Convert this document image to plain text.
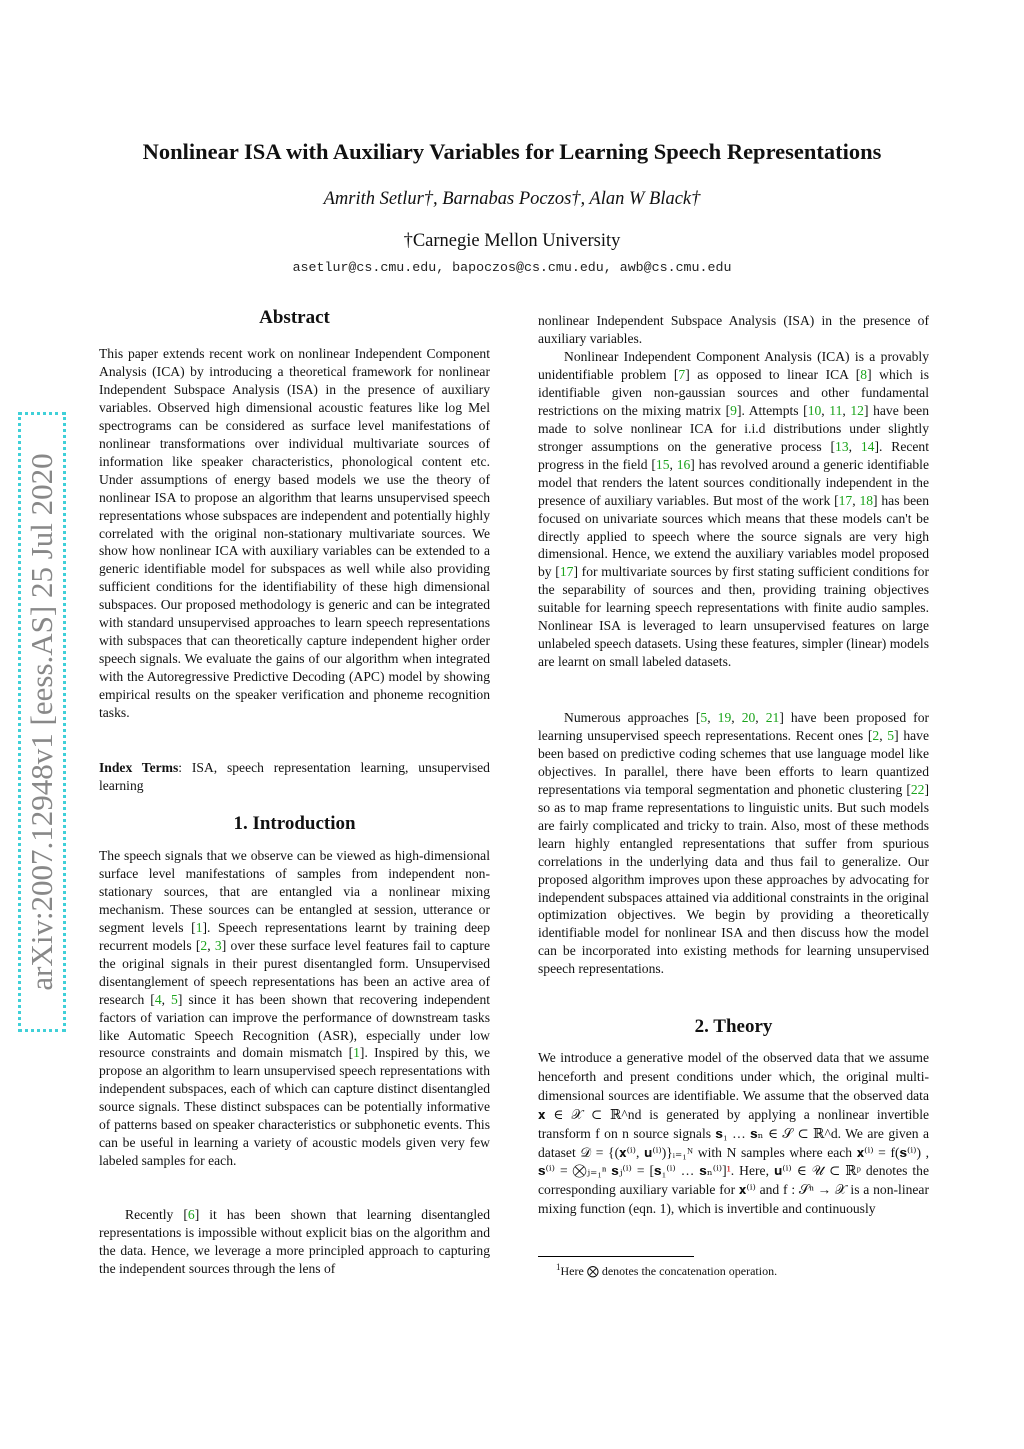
arXiv:2007.12948v1 [eess.AS] 25 Jul 2020
Nonlinear ISA with Auxiliary Variables for Learning Speech Representations
Amrith Setlur†, Barnabas Poczos†, Alan W Black†
†Carnegie Mellon University
asetlur@cs.cmu.edu, bapoczos@cs.cmu.edu, awb@cs.cmu.edu
Abstract
This paper extends recent work on nonlinear Independent Component Analysis (ICA) by introducing a theoretical framework for nonlinear Independent Subspace Analysis (ISA) in the presence of auxiliary variables. Observed high dimensional acoustic features like log Mel spectrograms can be considered as surface level manifestations of nonlinear transformations over individual multivariate sources of information like speaker characteristics, phonological content etc. Under assumptions of energy based models we use the theory of nonlinear ISA to propose an algorithm that learns unsupervised speech representations whose subspaces are independent and potentially highly correlated with the original non-stationary multivariate sources. We show how nonlinear ICA with auxiliary variables can be extended to a generic identifiable model for subspaces as well while also providing sufficient conditions for the identifiability of these high dimensional subspaces. Our proposed methodology is generic and can be integrated with standard unsupervised approaches to learn speech representations with subspaces that can theoretically capture independent higher order speech signals. We evaluate the gains of our algorithm when integrated with the Autoregressive Predictive Decoding (APC) model by showing empirical results on the speaker verification and phoneme recognition tasks.
Index Terms: ISA, speech representation learning, unsupervised learning
1. Introduction
The speech signals that we observe can be viewed as high-dimensional surface level manifestations of samples from independent non-stationary sources, that are entangled via a nonlinear mixing mechanism. These sources can be entangled at session, utterance or segment levels [1]. Speech representations learnt by training deep recurrent models [2, 3] over these surface level features fail to capture the original signals in their purest disentangled form. Unsupervised disentanglement of speech representations has been an active area of research [4, 5] since it has been shown that recovering independent factors of variation can improve the performance of downstream tasks like Automatic Speech Recognition (ASR), especially under low resource constraints and domain mismatch [1]. Inspired by this, we propose an algorithm to learn unsupervised speech representations with independent subspaces, each of which can capture distinct disentangled source signals. These distinct subspaces can be potentially informative of patterns based on speaker characteristics or subphonetic events. This can be useful in learning a variety of acoustic models given very few labeled samples for each.
Recently [6] it has been shown that learning disentangled representations is impossible without explicit bias on the algorithm and the data. Hence, we leverage a more principled approach to capturing the independent sources through the lens of
nonlinear Independent Subspace Analysis (ISA) in the presence of auxiliary variables.
Nonlinear Independent Component Analysis (ICA) is a provably unidentifiable problem [7] as opposed to linear ICA [8] which is identifiable given non-gaussian sources and other fundamental restrictions on the mixing matrix [9]. Attempts [10, 11, 12] have been made to solve nonlinear ICA for i.i.d distributions under slightly stronger assumptions on the generative process [13, 14]. Recent progress in the field [15, 16] has revolved around a generic identifiable model that renders the latent sources conditionally independent in the presence of auxiliary variables. But most of the work [17, 18] has been focused on univariate sources which means that these models can't be directly applied to speech where the source signals are very high dimensional. Hence, we extend the auxiliary variables model proposed by [17] for multivariate sources by first stating sufficient conditions for the separability of sources and then, providing training objectives suitable for learning speech representations with finite audio samples. Nonlinear ISA is leveraged to learn unsupervised features on large unlabeled speech datasets. Using these features, simpler (linear) models are learnt on small labeled datasets.
Numerous approaches [5, 19, 20, 21] have been proposed for learning unsupervised speech representations. Recent ones [2, 5] have been based on predictive coding schemes that use language model like objectives. In parallel, there have been efforts to learn quantized representations via temporal segmentation and phonetic clustering [22] so as to map frame representations to linguistic units. But such models are fairly complicated and tricky to train. Also, most of these methods learn highly entangled representations that suffer from spurious correlations in the underlying data and thus fail to generalize. Our proposed algorithm improves upon these approaches by advocating for independent subspaces attained via additional constraints in the original optimization objectives. We begin by providing a theoretically identifiable model for nonlinear ISA and then discuss how the model can be incorporated into existing methods for learning unsupervised speech representations.
2. Theory
We introduce a generative model of the observed data that we assume henceforth and present conditions under which, the original multi-dimensional sources are identifiable. We assume that the observed data 𝐱 ∈ 𝒳 ⊂ ℝ^nd is generated by applying a nonlinear invertible transform f on n source signals 𝐬₁ … 𝐬ₙ ∈ 𝒮 ⊂ ℝ^d. We are given a dataset 𝒟 = {(𝐱⁽ⁱ⁾, 𝐮⁽ⁱ⁾)}ᵢ₌₁ᴺ with N samples where each 𝐱⁽ⁱ⁾ = f(𝐬⁽ⁱ⁾) , 𝐬⁽ⁱ⁾ = ⨂ⱼ₌₁ⁿ 𝐬ⱼ⁽ⁱ⁾ = [𝐬₁⁽ⁱ⁾ … 𝐬ₙ⁽ⁱ⁾]¹. Here, 𝐮⁽ⁱ⁾ ∈ 𝒰 ⊂ ℝᵖ denotes the corresponding auxiliary variable for 𝐱⁽ⁱ⁾ and f : 𝒮ⁿ → 𝒳 is a non-linear mixing function (eqn. 1), which is invertible and continuously
$^1$Here ⨂ denotes the concatenation operation.
